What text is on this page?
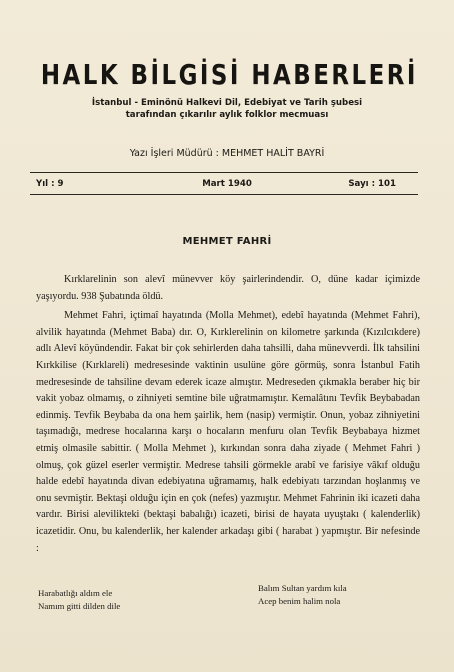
HALK BİLGİSİ HABERLERİ
İstanbul - Eminönü Halkevi Dil, Edebiyat ve Tarih şubesi
tarafından çıkarılır aylık folklor mecmuası
Yazı İşleri Müdürü : MEHMET HALİT BAYRİ
Yıl : 9	Mart 1940	Sayı : 101
MEHMET FAHRİ

Kırklarelinin son alevî münevver köy şairlerindendir. O, düne kadar içimizde yaşıyordu. 938 Şubatında öldü.

Mehmet Fahri, içtimaî hayatında (Molla Mehmet), edebî hayatında (Mehmet Fahri), alvilik hayatında (Mehmet Baba) dır. O, Kırklerelinin on kilometre şarkında (Kızılcıkdere) adlı Alevî köyündendir. Fakat bir çok sehirlerden daha tahsilli, daha münevverdi. İlk tahsilini Kırkkilise (Kırklareli) medresesinde vaktinin usulüne göre görmüş, sonra İstanbul Fatih medresesinde de tahsiline devam ederek icaze almıştır. Medreseden çıkmakla beraber hiç bir vakit yobaz olmamış, o zihniyeti semtine bile uğratmamıştır. Kemalâtını Tevfik Beybabadan edinmiş. Tevfik Beybaba da ona hem şairlik, hem (nasip) vermiştir. Onun, yobaz zihniyetini taşımadığı, medrese hocalarına karşı o hocaların menfuru olan Tevfik Beybabaya hizmet etmiş olmasile sabittir. ( Molla Mehmet ), kırkından sonra daha ziyade ( Mehmet Fahri ) olmuş, çok güzel eserler vermiştir. Medrese tahsili görmekle arabî ve farisiye vâkıf olduğu halde edebî hayatında divan edebiyatına uğramamış, halk edebiyatı tarzından hoşlanmış ve onu sevmiştir. Bektaşi olduğu için en çok (nefes) yazmıştır. Mehmet Fahrinin iki icazeti daha vardır. Birisi alevilikteki (bektaşi babalığı) icazeti, birisi de hayata uyuştakı ( kalenderlik) icazetidir. Onu, bu kalenderlik, her kalender arkadaşı gibi ( harabat ) yapmıştır. Bir nefesinde :

Harabatlığı aldım ele
Namım gitti dilden dile
Balım Sultan yardım kıla
Acep benim halim nola
